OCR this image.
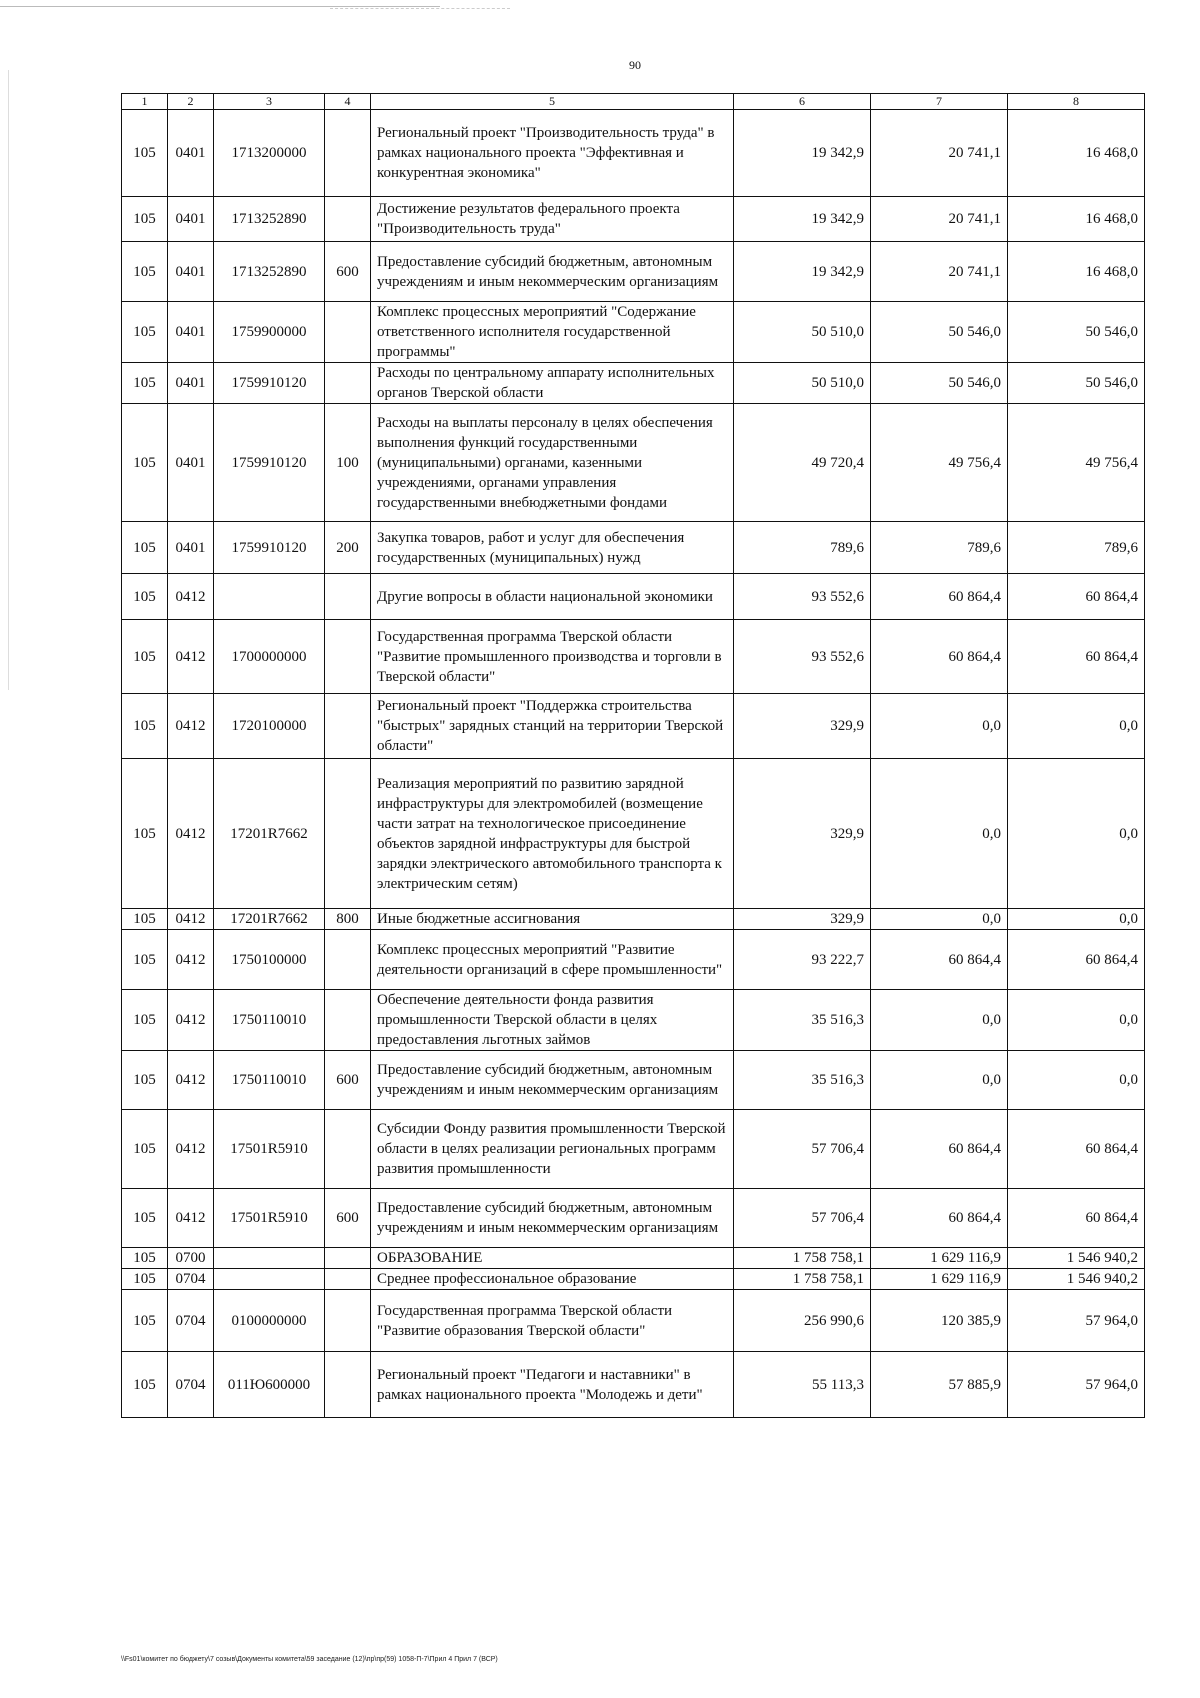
90
1	2	3	4	5	6	7	8
105	0401	1713200000		Региональный проект "Производительность труда" в рамках национального проекта "Эффективная и конкурентная экономика"	19 342,9	20 741,1	16 468,0
105	0401	1713252890		Достижение результатов федерального проекта "Производительность труда"	19 342,9	20 741,1	16 468,0
105	0401	1713252890	600	Предоставление субсидий бюджетным, автономным учреждениям и иным некоммерческим организациям	19 342,9	20 741,1	16 468,0
105	0401	1759900000		Комплекс процессных мероприятий "Содержание ответственного исполнителя государственной программы"	50 510,0	50 546,0	50 546,0
105	0401	1759910120		Расходы по центральному аппарату исполнительных органов Тверской области	50 510,0	50 546,0	50 546,0
105	0401	1759910120	100	Расходы на выплаты персоналу в целях обеспечения выполнения функций государственными (муниципальными) органами, казенными учреждениями, органами управления государственными внебюджетными фондами	49 720,4	49 756,4	49 756,4
105	0401	1759910120	200	Закупка товаров, работ и услуг для обеспечения государственных (муниципальных) нужд	789,6	789,6	789,6
105	0412			Другие вопросы в области национальной экономики	93 552,6	60 864,4	60 864,4
105	0412	1700000000		Государственная программа Тверской области "Развитие промышленного производства и торговли в Тверской области"	93 552,6	60 864,4	60 864,4
105	0412	1720100000		Региональный проект "Поддержка строительства "быстрых" зарядных станций на территории Тверской области"	329,9	0,0	0,0
105	0412	17201R7662		Реализация мероприятий по развитию зарядной инфраструктуры для электромобилей (возмещение части затрат на технологическое присоединение объектов зарядной инфраструктуры для быстрой зарядки электрического автомобильного транспорта к электрическим сетям)	329,9	0,0	0,0
105	0412	17201R7662	800	Иные бюджетные ассигнования	329,9	0,0	0,0
105	0412	1750100000		Комплекс процессных мероприятий "Развитие деятельности организаций в сфере промышленности"	93 222,7	60 864,4	60 864,4
105	0412	1750110010		Обеспечение деятельности фонда развития промышленности Тверской области в целях предоставления льготных займов	35 516,3	0,0	0,0
105	0412	1750110010	600	Предоставление субсидий бюджетным, автономным учреждениям и иным некоммерческим организациям	35 516,3	0,0	0,0
105	0412	17501R5910		Субсидии Фонду развития промышленности Тверской области в целях реализации региональных программ развития промышленности	57 706,4	60 864,4	60 864,4
105	0412	17501R5910	600	Предоставление субсидий бюджетным, автономным учреждениям и иным некоммерческим организациям	57 706,4	60 864,4	60 864,4
105	0700			ОБРАЗОВАНИЕ	1 758 758,1	1 629 116,9	1 546 940,2
105	0704			Среднее профессиональное образование	1 758 758,1	1 629 116,9	1 546 940,2
105	0704	0100000000		Государственная программа Тверской области "Развитие образования Тверской области"	256 990,6	120 385,9	57 964,0
105	0704	011Ю600000		Региональный проект "Педагоги и наставники" в рамках национального проекта "Молодежь и дети"	55 113,3	57 885,9	57 964,0
\\Fs01\комитет по бюджету\7 созыв\Документы комитета\59 заседание (12)\пр\пр(59) 1058-П-7\Прил 4 Прил 7 (ВСР)
